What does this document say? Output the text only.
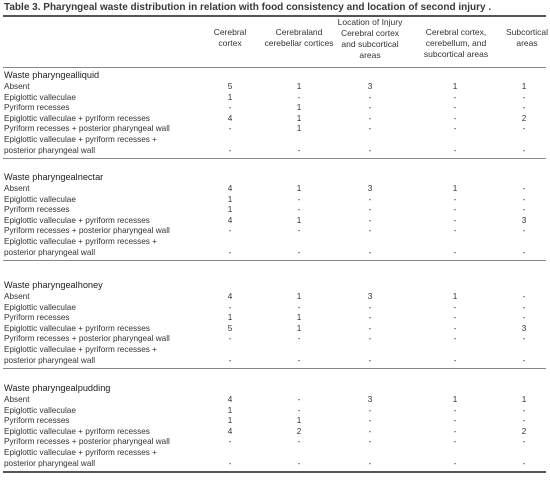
Table 3. Pharyngeal waste distribution in relation with food consistency and location of second injury .
Cerebral cortex
Cerebraland cerebellar cortices
Location of Injury Cerebral cortex and subcortical areas
Cerebral cortex, cerebellum, and subcortical areas
Subcortical areas
Waste pharyngealliquid
Absent	5	1	3	1	1
Epiglottic valleculae	1	-	-	-	-
Pyriform recesses	-	1	-	-	-
Epiglottic valleculae + pyriform recesses	4	1	-	-	2
Pyriform recesses + posterior pharyngeal wall	-	1	-	-	-
Epiglottic valleculae + pyriform recesses +
posterior pharyngeal wall	-	-	-	-	-
Waste pharyngealnectar
Absent	4	1	3	1	-
Epiglottic valleculae	1	-	-	-	-
Pyriform recesses	1	-	-	-	-
Epiglottic valleculae + pyriform recesses	4	1	-	-	3
Pyriform recesses + posterior pharyngeal wall	-	-	-	-	-
Epiglottic valleculae + pyriform recesses +
posterior pharyngeal wall	-	-	-	-	-
Waste pharyngealhoney
Absent	4	1	3	1	-
Epiglottic valleculae	-	-	-	-	-
Pyriform recesses	1	1	-	-	-
Epiglottic valleculae + pyriform recesses	5	1	-	-	3
Pyriform recesses + posterior pharyngeal wall	-	-	-	-	-
Epiglottic valleculae + pyriform recesses +
posterior pharyngeal wall	-	-	-	-	-
Waste pharyngealpudding
Absent	4	-	3	1	1
Epiglottic valleculae	1	-	-	-	-
Pyriform recesses	1	1	-	-	-
Epiglottic valleculae + pyriform recesses	4	2	-	-	2
Pyriform recesses + posterior pharyngeal wall	-	-	-	-	-
Epiglottic valleculae + pyriform recesses +
posterior pharyngeal wall	-	-	-	-	-
